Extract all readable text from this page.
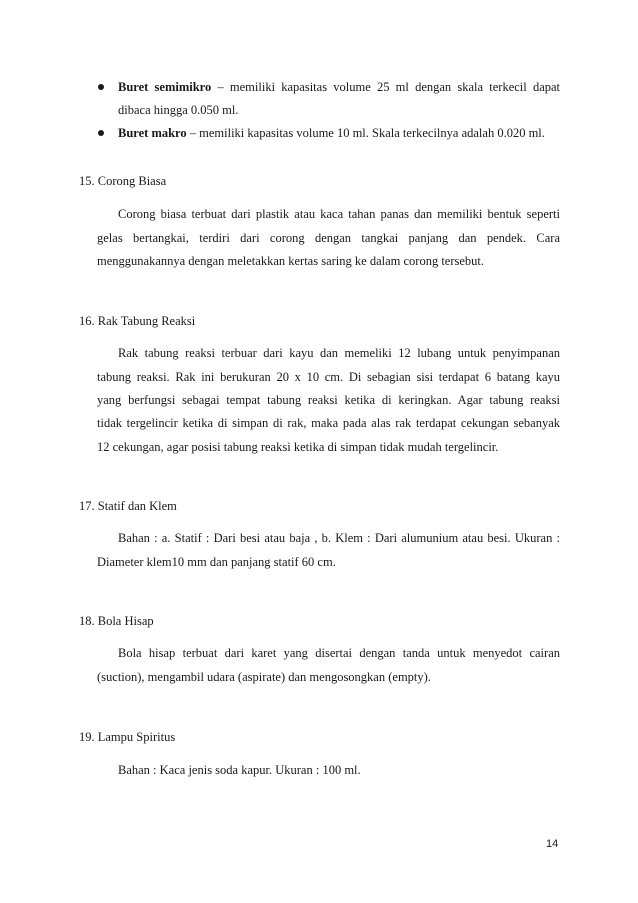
Buret semimikro – memiliki kapasitas volume 25 ml dengan skala terkecil dapat
dibaca hingga 0.050 ml.
Buret makro – memiliki kapasitas volume 10 ml. Skala terkecilnya adalah 0.020 ml.
15. Corong Biasa
Corong biasa terbuat dari plastik atau kaca tahan panas dan memiliki bentuk seperti
gelas bertangkai, terdiri dari corong dengan tangkai panjang dan pendek. Cara
menggunakannya dengan meletakkan kertas saring ke dalam corong tersebut.
16. Rak Tabung Reaksi
Rak tabung reaksi terbuar dari kayu dan memeliki 12 lubang untuk penyimpanan
tabung reaksi. Rak ini berukuran 20 x 10 cm. Di sebagian sisi terdapat 6 batang kayu
yang berfungsi sebagai tempat tabung reaksi ketika di keringkan. Agar tabung reaksi
tidak tergelincir ketika di simpan di rak, maka pada alas rak terdapat cekungan sebanyak
12 cekungan, agar posisi tabung reaksi ketika di simpan tidak mudah tergelincir.
17. Statif dan Klem
Bahan : a. Statif : Dari besi atau baja , b. Klem : Dari alumunium atau besi. Ukuran :
Diameter klem10 mm dan panjang statif 60 cm.
18. Bola Hisap
Bola hisap terbuat dari karet yang disertai dengan tanda untuk menyedot cairan
(suction), mengambil udara (aspirate) dan mengosongkan (empty).
19. Lampu Spiritus
Bahan : Kaca jenis soda kapur. Ukuran : 100 ml.
14
